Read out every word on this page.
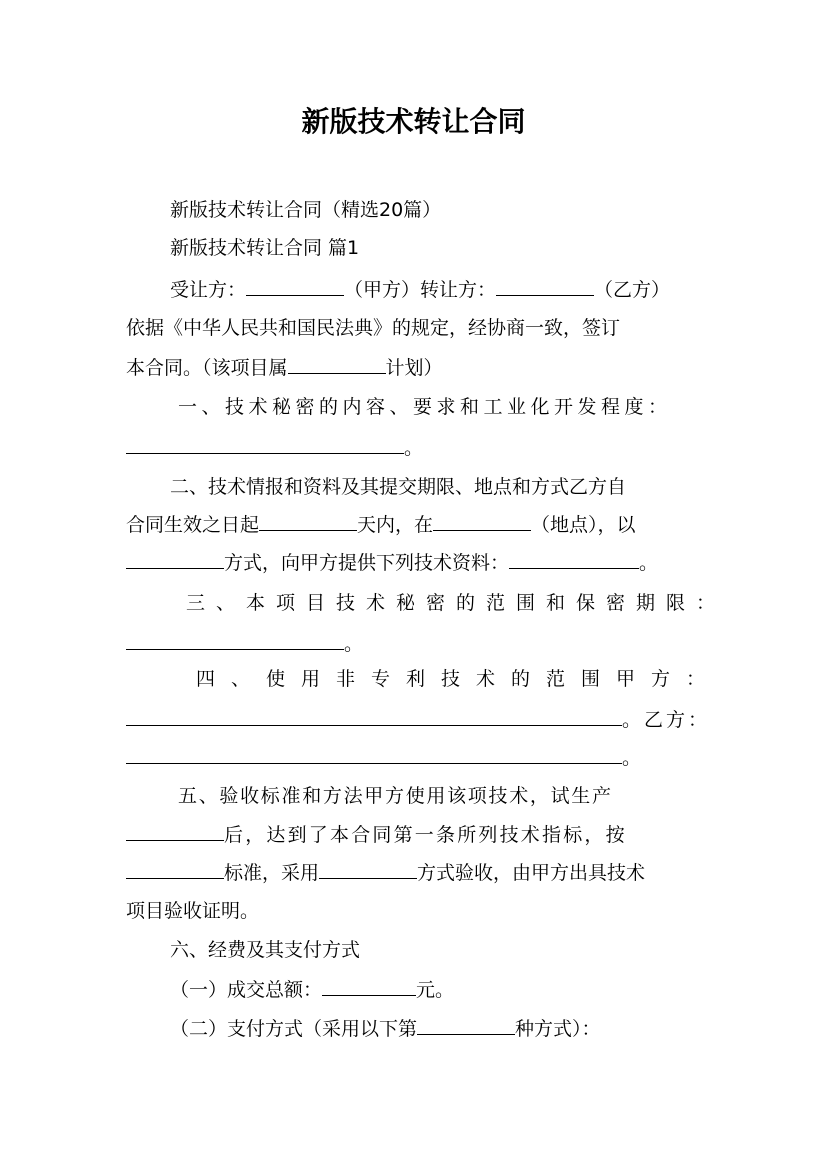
新版技术转让合同
新版技术转让合同（精选20篇）
新版技术转让合同 篇1
受让方：	（甲方）转让方：	（乙方）
依据《中华人民共和国民法典》的规定，经协商一致，签订
本合同。（该项目属	计划）
一、技术秘密的内容、要求和工业化开发程度：
。
二、技术情报和资料及其提交期限、地点和方式乙方自
合同生效之日起	天内，在	（地点），以
方式，向甲方提供下列技术资料：	。
三、本项目技术秘密的范围和保密期限：
。
四、使用非专利技术的范围甲方：
。乙方：
。
五、验收标准和方法甲方使用该项技术，试生产
后，达到了本合同第一条所列技术指标，按
标准，采用	方式验收，由甲方出具技术
项目验收证明。
六、经费及其支付方式
（一）成交总额：	元。
（二）支付方式（采用以下第	种方式）：
